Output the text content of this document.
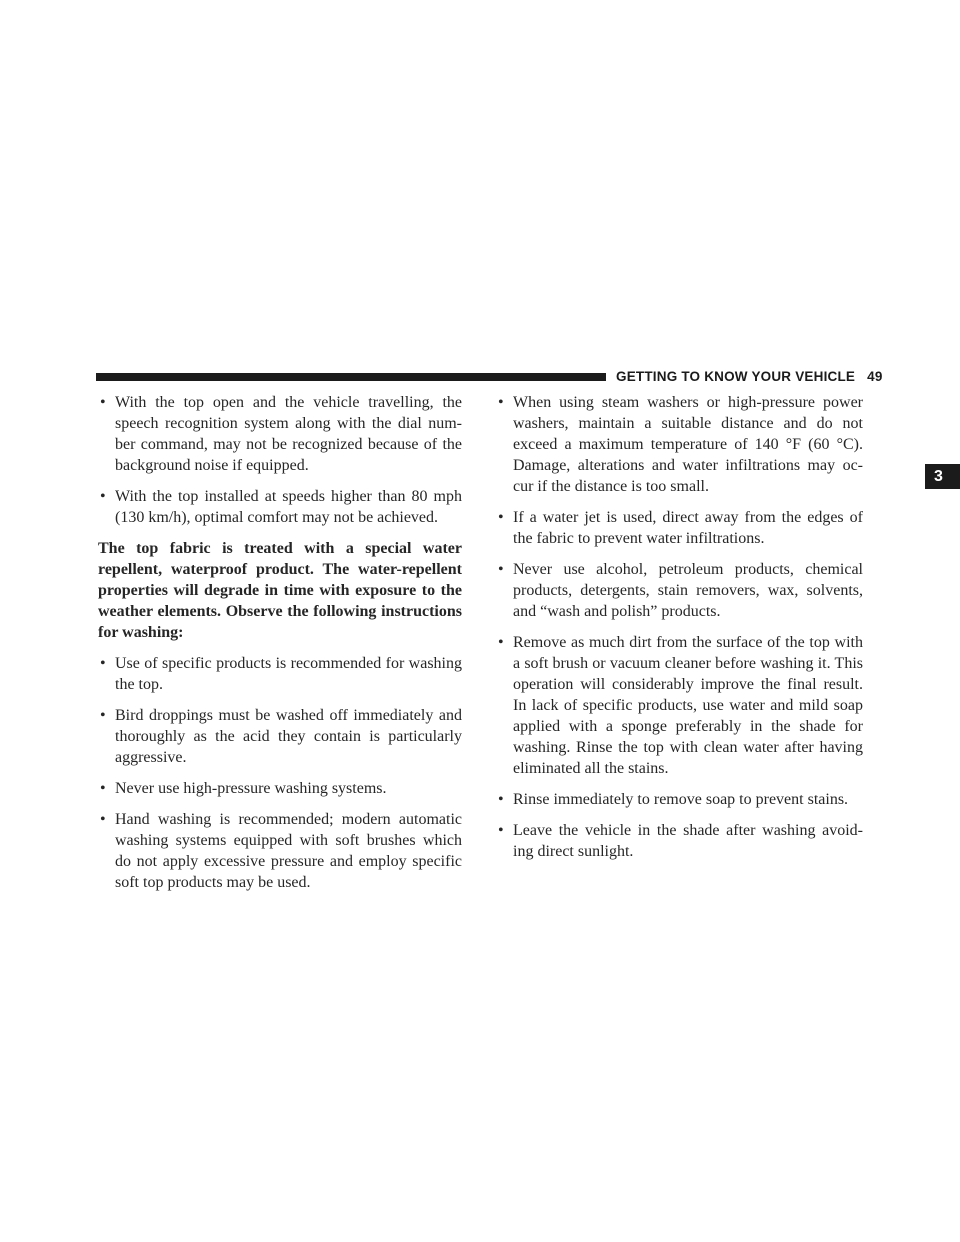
GETTING TO KNOW YOUR VEHICLE 49
3
• With the top open and the vehicle travelling, the speech recognition system along with the dial num- ber command, may not be recognized because of the background noise if equipped.
• With the top installed at speeds higher than 80 mph (130 km/h), optimal comfort may not be achieved.

The top fabric is treated with a special water repellent, waterproof product. The water-repellent properties will degrade in time with exposure to the weather elements. Observe the following instructions for washing:

• Use of specific products is recommended for washing the top.
• Bird droppings must be washed off immediately and thoroughly as the acid they contain is particularly aggressive.
• Never use high-pressure washing systems.
• Hand washing is recommended; modern automatic washing systems equipped with soft brushes which do not apply excessive pressure and employ specific soft top products may be used.
• When using steam washers or high-pressure power washers, maintain a suitable distance and do not exceed a maximum temperature of 140 °F (60 °C). Damage, alterations and water infiltrations may oc- cur if the distance is too small.
• If a water jet is used, direct away from the edges of the fabric to prevent water infiltrations.
• Never use alcohol, petroleum products, chemical products, detergents, stain removers, wax, solvents, and “wash and polish” products.
• Remove as much dirt from the surface of the top with a soft brush or vacuum cleaner before washing it. This operation will considerably improve the final result. In lack of specific products, use water and mild soap applied with a sponge preferably in the shade for washing. Rinse the top with clean water after having eliminated all the stains.
• Rinse immediately to remove soap to prevent stains.
• Leave the vehicle in the shade after washing avoid- ing direct sunlight.
